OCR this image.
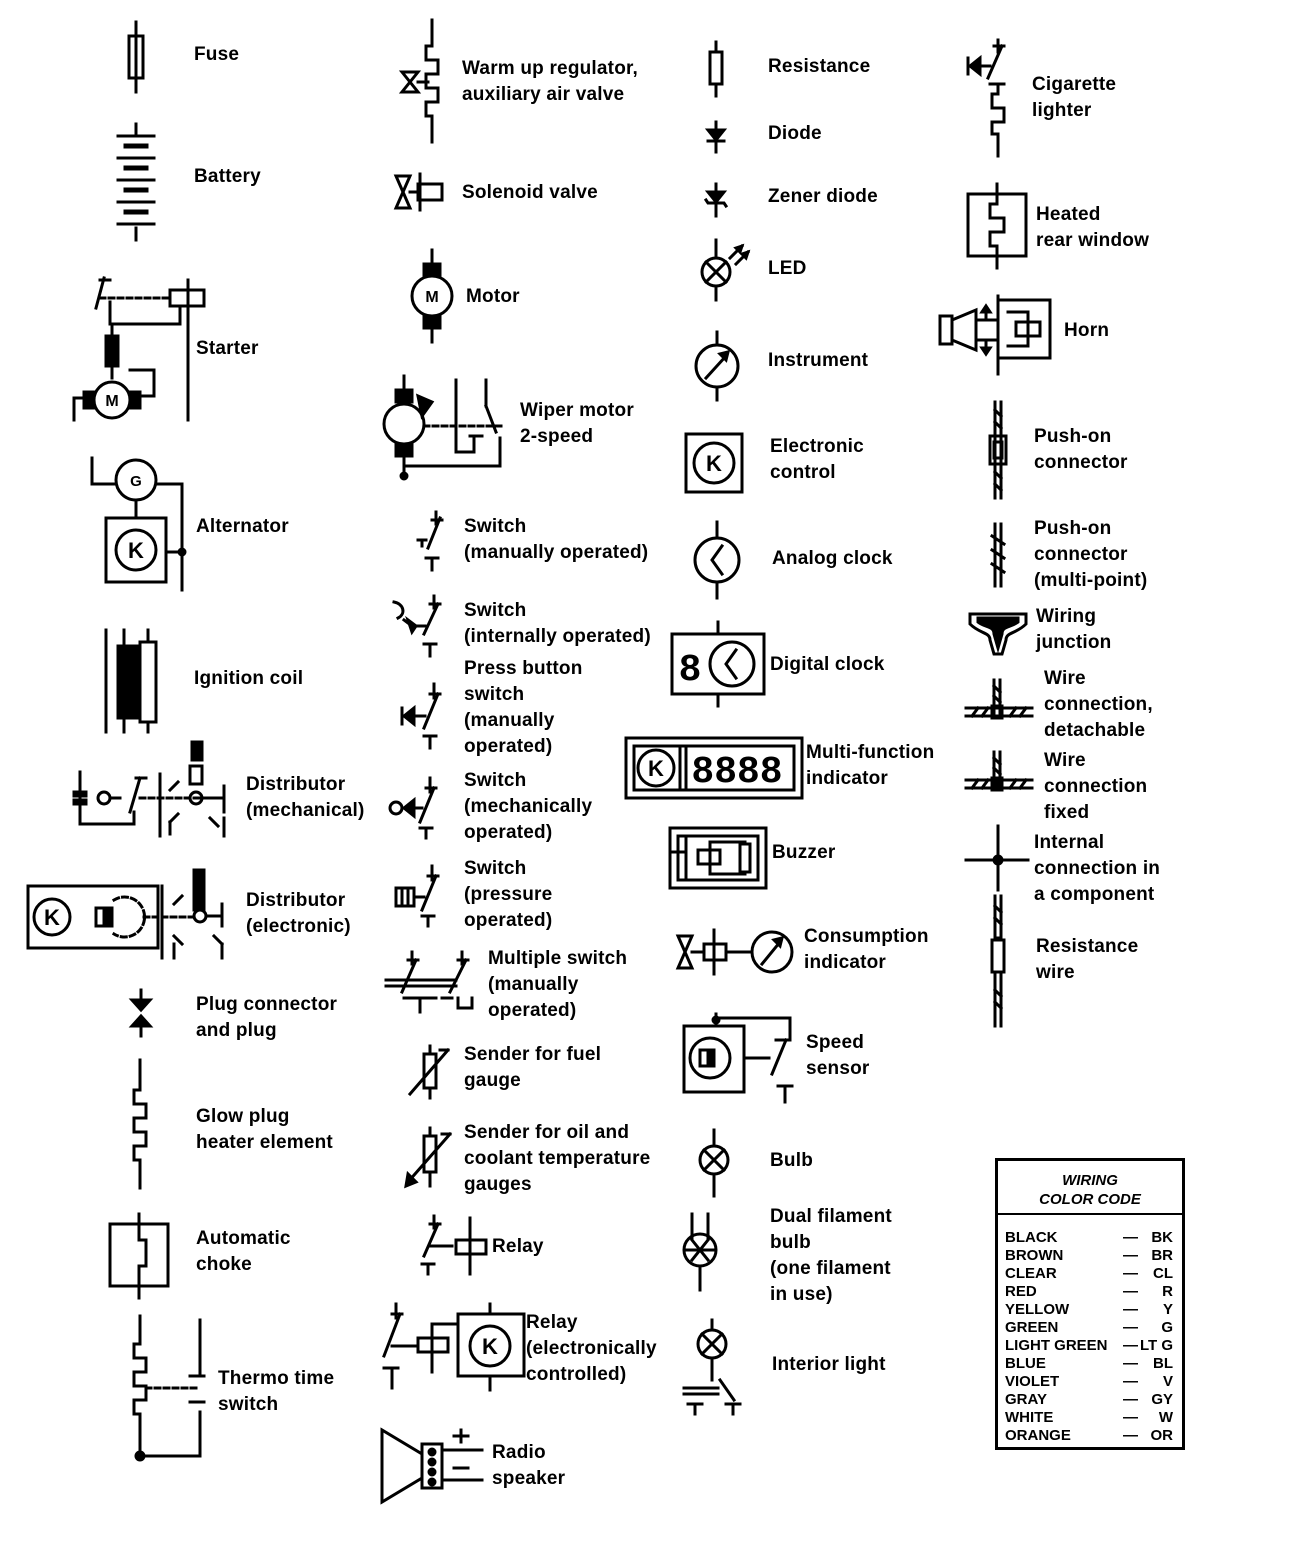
Fuse
Battery
M
Starter
G
K
Alternator
Ignition coil
Distributor
(mechanical)
K
Distributor
(electronic)
Plug connector
and plug
Glow plug
heater element
Automatic
choke
Thermo time
switch
Warm up regulator,
auxiliary air valve
Solenoid valve
M Motor
Wiper motor
2-speed
Switch
(manually operated)
Switch
(internally operated)
Press button
switch
(manually
operated)
Switch
(mechanically
operated)
Switch
(pressure
operated)
Multiple switch
(manually
operated)
Sender for fuel
gauge
Sender for oil and
coolant temperature
gauges
Relay
K
Relay
(electronically
controlled)
Radio
speaker
Resistance
Diode
Zener diode
LED
Instrument
K
Electronic
control
Analog clock
8	Digital clock
K 8888 Multi-function
indicator
Buzzer
Consumption
indicator
Speed
sensor
Bulb
Dual filament
bulb
(one filament
in use)
Interior light
Cigarette
lighter
Heated
rear window
Horn
Push-on
connector
Push-on
connector
(multi-point)
Wiring
junction
Wire
connection,
detachable
Wire
connection
fixed
Internal
connection in
a component
Resistance
wire
WIRING
COLOR CODE
BLACK	— BK
BROWN	— BR
CLEAR	— CL
RED	— R
YELLOW	— Y
GREEN	— G
LIGHT GREEN — LT G
BLUE	— BL
VIOLET	— V
GRAY	— GY
WHITE	— W
ORANGE	— OR
